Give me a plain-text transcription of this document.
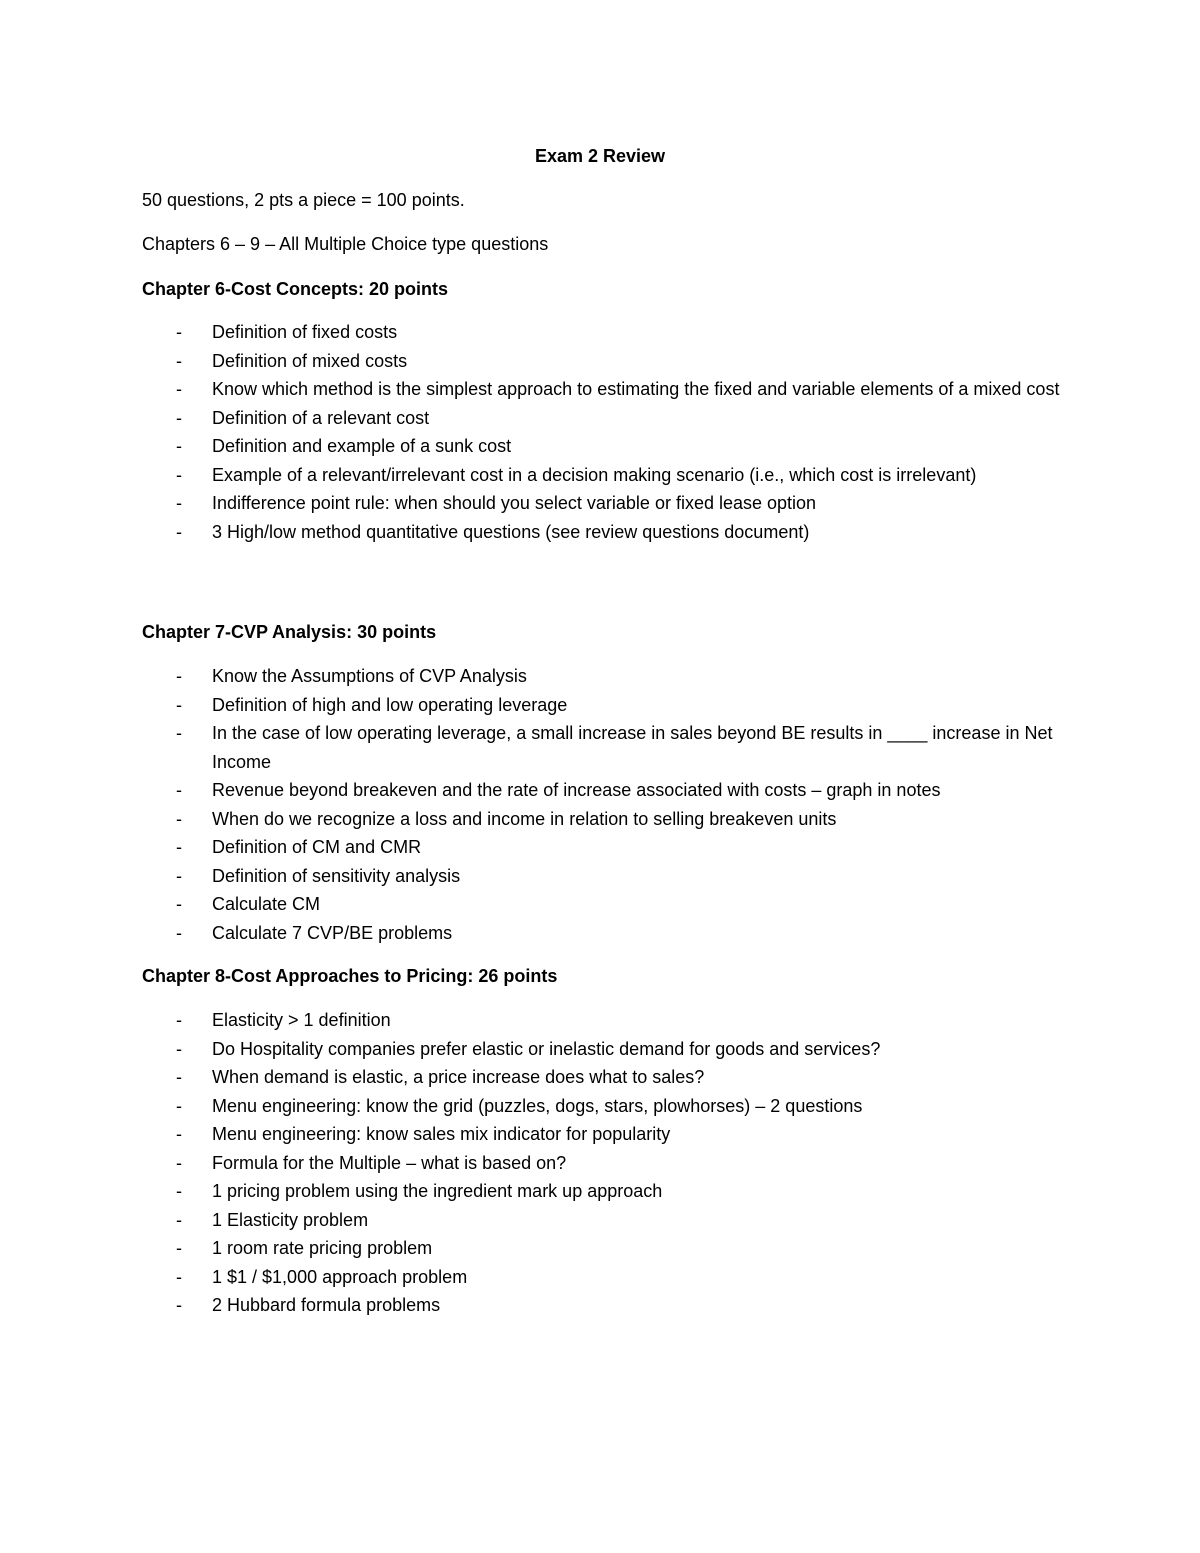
Exam 2 Review
50 questions, 2 pts a piece = 100 points.
Chapters 6 – 9 – All Multiple Choice type questions
Chapter 6-Cost Concepts: 20 points
- Definition of fixed costs
- Definition of mixed costs
- Know which method is the simplest approach to estimating the fixed and variable elements of a mixed cost
- Definition of a relevant cost
- Definition and example of a sunk cost
- Example of a relevant/irrelevant cost in a decision making scenario (i.e., which cost is irrelevant)
- Indifference point rule: when should you select variable or fixed lease option
- 3 High/low method quantitative questions (see review questions document)
Chapter 7-CVP Analysis: 30 points
- Know the Assumptions of CVP Analysis
- Definition of high and low operating leverage
- In the case of low operating leverage, a small increase in sales beyond BE results in ____ increase in Net Income
- Revenue beyond breakeven and the rate of increase associated with costs – graph in notes
- When do we recognize a loss and income in relation to selling breakeven units
- Definition of CM and CMR
- Definition of sensitivity analysis
- Calculate CM
- Calculate 7 CVP/BE problems
Chapter 8-Cost Approaches to Pricing: 26 points
- Elasticity > 1 definition
- Do Hospitality companies prefer elastic or inelastic demand for goods and services?
- When demand is elastic, a price increase does what to sales?
- Menu engineering: know the grid (puzzles, dogs, stars, plowhorses) – 2 questions
- Menu engineering: know sales mix indicator for popularity
- Formula for the Multiple – what is based on?
- 1 pricing problem using the ingredient mark up approach
- 1 Elasticity problem
- 1 room rate pricing problem
- 1 $1 / $1,000 approach problem
- 2 Hubbard formula problems
